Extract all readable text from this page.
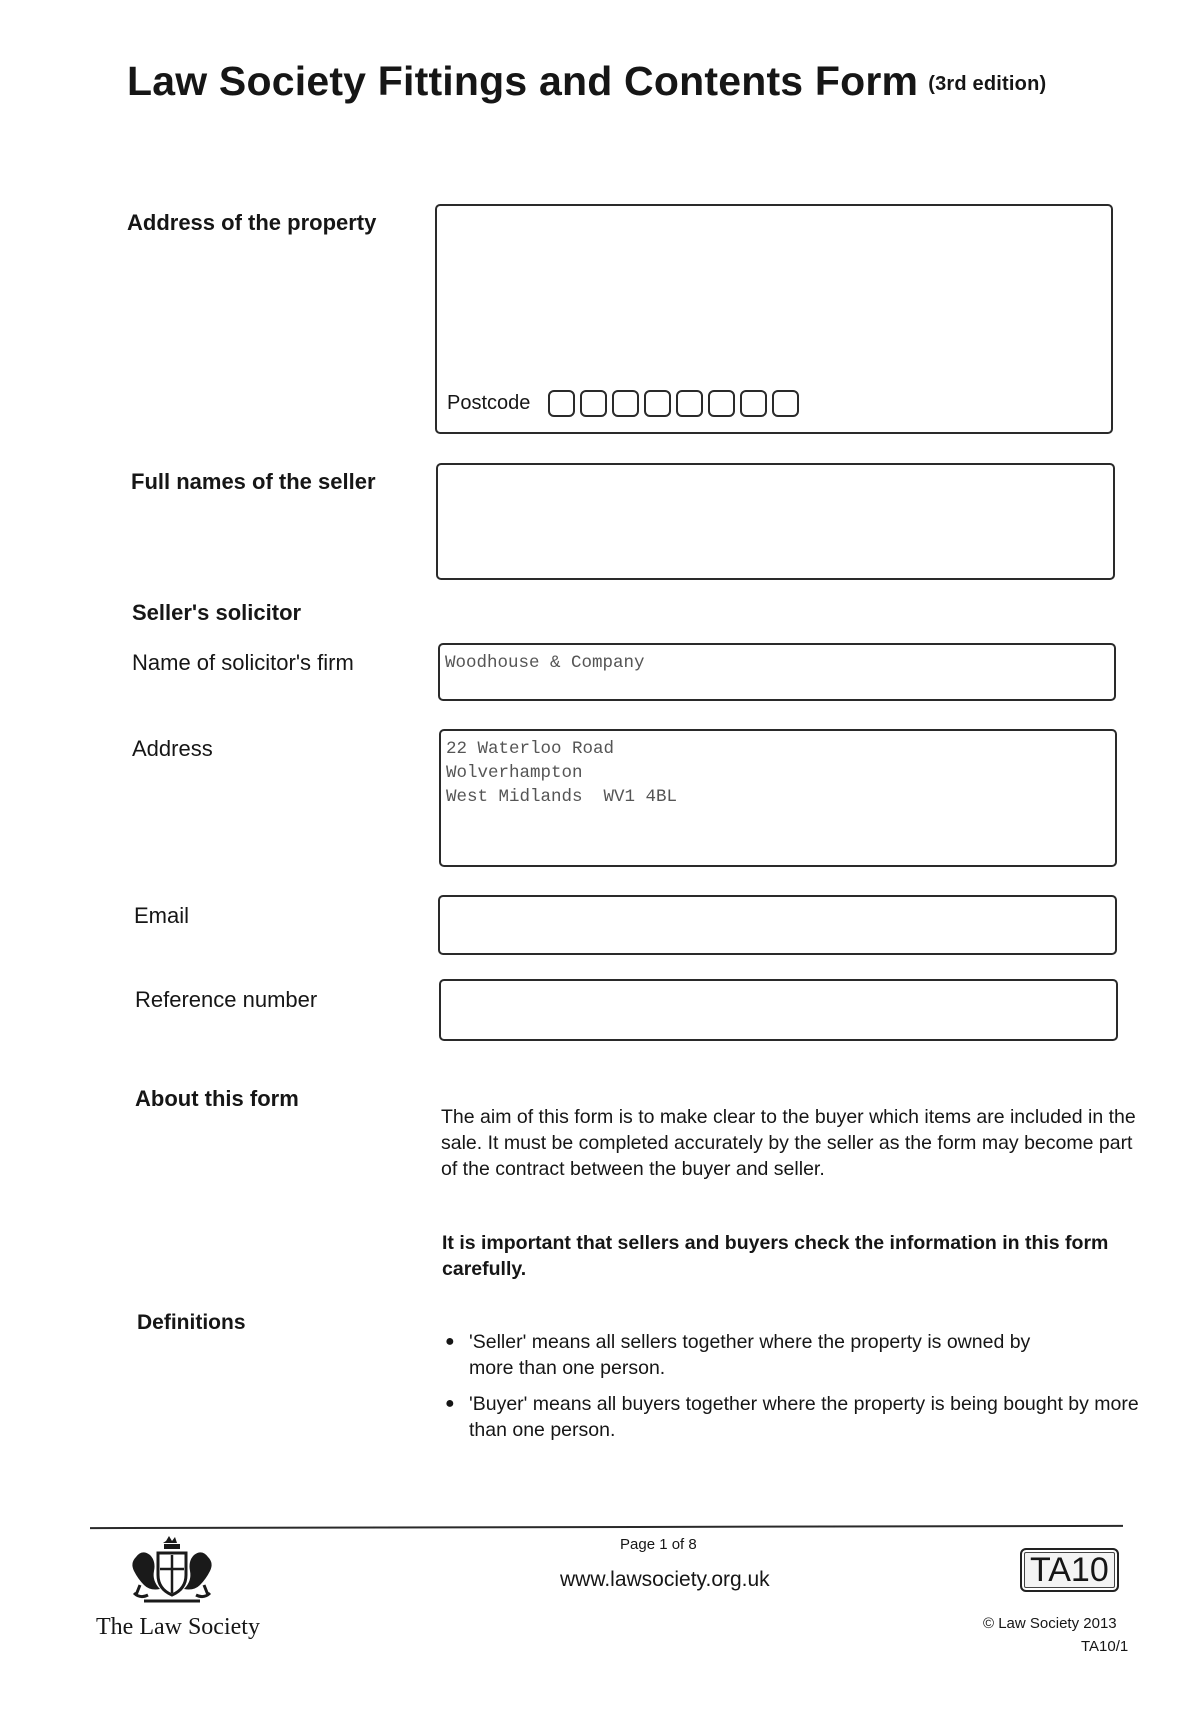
Law Society Fittings and Contents Form (3rd edition)
Address of the property
Postcode
Full names of the seller
Seller's solicitor
Name of solicitor's firm	Woodhouse & Company
Address	22 Waterloo Road
Wolverhampton
West Midlands  WV1 4BL
Email
Reference number
About this form
The aim of this form is to make clear to the buyer which items are included in the sale. It must be completed accurately by the seller as the form may become part of the contract between the buyer and seller.
It is important that sellers and buyers check the information in this form carefully.
Definitions
● 'Seller' means all sellers together where the property is owned by more than one person.
● 'Buyer' means all buyers together where the property is being bought by more than one person.
The Law Society
Page 1 of 8
www.lawsociety.org.uk	TA10
© Law Society 2013
TA10/1
